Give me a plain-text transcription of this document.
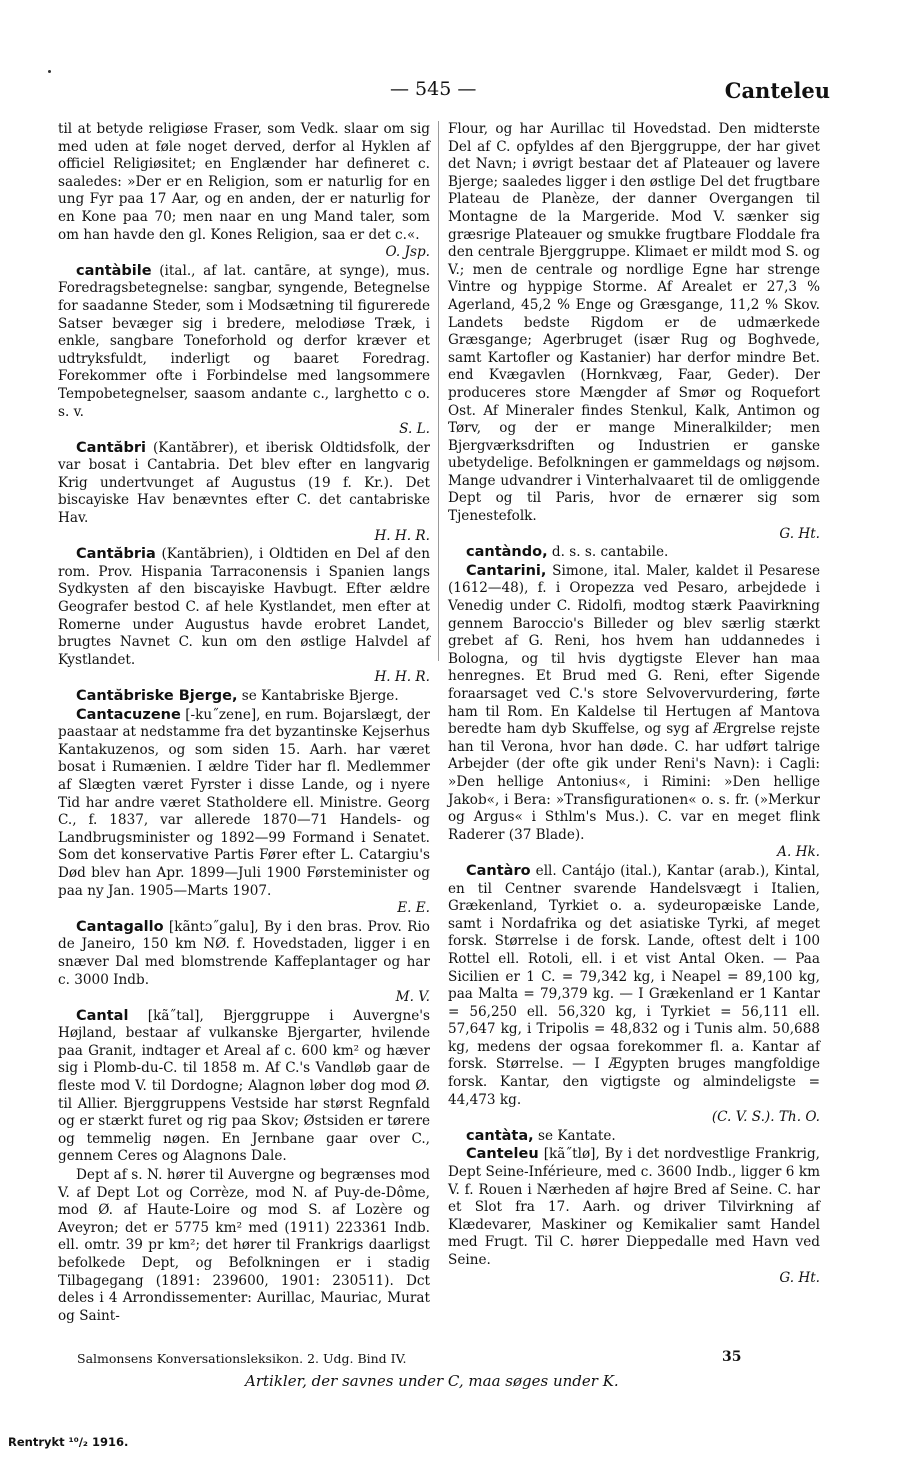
— 545 —	Canteleu
til at betyde religiøse Fraser, som Vedk. slaar om sig med uden at føle noget derved, derfor al Hyklen af officiel Religiøsitet; en Englænder har defineret c. saaledes: »Der er en Religion, som er naturlig for en ung Fyr paa 17 Aar, og en anden, der er naturlig for en Kone paa 70; men naar en ung Mand taler, som om han havde den gl. Kones Religion, saa er det c.«.
O. Jsp.
cantàbile (ital., af lat. cantāre, at synge), mus. Foredragsbetegnelse: sangbar, syngende, Betegnelse for saadanne Steder, som i Modsætning til figurerede Satser bevæger sig i bredere, melodiøse Træk, i enkle, sangbare Toneforhold og derfor kræver et udtryksfuldt, inderligt og baaret Foredrag. Forekommer ofte i Forbindelse med langsommere Tempobetegnelser, saasom andante c., larghetto c o. s. v.
S. L.
Cantăbri (Kantăbrer), et iberisk Oldtidsfolk, der var bosat i Cantabria. Det blev efter en langvarig Krig undertvunget af Augustus (19 f. Kr.). Det biscayiske Hav benævntes efter C. det cantabriske Hav.
H. H. R.
Cantăbria (Kantăbrien), i Oldtiden en Del af den rom. Prov. Hispania Tarraconensis i Spanien langs Sydkysten af den biscayiske Havbugt. Efter ældre Geografer bestod C. af hele Kystlandet, men efter at Romerne under Augustus havde erobret Landet, brugtes Navnet C. kun om den østlige Halvdel af Kystlandet.
H. H. R.
Cantăbriske Bjerge, se Kantabriske Bjerge.
Cantacuzene [-ku˝zene], en rum. Bojarslægt, der paastaar at nedstamme fra det byzantinske Kejserhus Kantakuzenos, og som siden 15. Aarh. har været bosat i Rumænien. I ældre Tider har fl. Medlemmer af Slægten været Fyrster i disse Lande, og i nyere Tid har andre været Statholdere ell. Ministre. Georg C., f. 1837, var allerede 1870—71 Handels- og Landbrugsminister og 1892—99 Formand i Senatet. Som det konservative Partis Fører efter L. Catargiu's Død blev han Apr. 1899—Juli 1900 Førsteminister og paa ny Jan. 1905—Marts 1907.
E. E.
Cantagallo [kãntɔ˝galu], By i den bras. Prov. Rio de Janeiro, 150 km NØ. f. Hovedstaden, ligger i en snæver Dal med blomstrende Kaffeplantager og har c. 3000 Indb.
M. V.
Cantal [kã˝tal], Bjerggruppe i Auvergne's Højland, bestaar af vulkanske Bjergarter, hvilende paa Granit, indtager et Areal af c. 600 km² og hæver sig i Plomb-du-C. til 1858 m. Af C.'s Vandløb gaar de fleste mod V. til Dordogne; Alagnon løber dog mod Ø. til Allier. Bjerggruppens Vestside har størst Regnfald og er stærkt furet og rig paa Skov; Østsiden er tørere og temmelig nøgen. En Jernbane gaar over C., gennem Ceres og Alagnons Dale.
Dept af s. N. hører til Auvergne og begrænses mod V. af Dept Lot og Corrèze, mod N. af Puy-de-Dôme, mod Ø. af Haute-Loire og mod S. af Lozère og Aveyron; det er 5775 km² med (1911) 223361 Indb. ell. omtr. 39 pr km²; det hører til Frankrigs daarligst befolkede Dept, og Befolkningen er i stadig Tilbagegang (1891: 239600, 1901: 230511). Dct deles i 4 Arrondissementer: Aurillac, Mauriac, Murat og Saint-
Flour, og har Aurillac til Hovedstad. Den midterste Del af C. opfyldes af den Bjerggruppe, der har givet det Navn; i øvrigt bestaar det af Plateauer og lavere Bjerge; saaledes ligger i den østlige Del det frugtbare Plateau de Planèze, der danner Overgangen til Montagne de la Margeride. Mod V. sænker sig græsrige Plateauer og smukke frugtbare Floddale fra den centrale Bjerggruppe. Klimaet er mildt mod S. og V.; men de centrale og nordlige Egne har strenge Vintre og hyppige Storme. Af Arealet er 27,3 % Agerland, 45,2 % Enge og Græsgange, 11,2 % Skov. Landets bedste Rigdom er de udmærkede Græsgange; Agerbruget (især Rug og Boghvede, samt Kartofler og Kastanier) har derfor mindre Bet. end Kvægavlen (Hornkvæg, Faar, Geder). Der produceres store Mængder af Smør og Roquefort Ost. Af Mineraler findes Stenkul, Kalk, Antimon og Tørv, og der er mange Mineralkilder; men Bjergværksdriften og Industrien er ganske ubetydelige. Befolkningen er gammeldags og nøjsom. Mange udvandrer i Vinterhalvaaret til de omliggende Dept og til Paris, hvor de ernærer sig som Tjenestefolk.
G. Ht.
cantàndo, d. s. s. cantabile.
Cantarini, Simone, ital. Maler, kaldet il Pesarese (1612—48), f. i Oropezza ved Pesaro, arbejdede i Venedig under C. Ridolfi, modtog stærk Paavirkning gennem Baroccio's Billeder og blev særlig stærkt grebet af G. Reni, hos hvem han uddannedes i Bologna, og til hvis dygtigste Elever han maa henregnes. Et Brud med G. Reni, efter Sigende foraarsaget ved C.'s store Selvovervurdering, førte ham til Rom. En Kaldelse til Hertugen af Mantova beredte ham dyb Skuffelse, og syg af Ærgrelse rejste han til Verona, hvor han døde. C. har udført talrige Arbejder (der ofte gik under Reni's Navn): i Cagli: »Den hellige Antonius«, i Rimini: »Den hellige Jakob«, i Bera: »Transfigurationen« o. s. fr. (»Merkur og Argus« i Sthlm's Mus.). C. var en meget flink Raderer (37 Blade).
A. Hk.
Cantàro ell. Cantájo (ital.), Kantar (arab.), Kintal, en til Centner svarende Handelsvægt i Italien, Grækenland, Tyrkiet o. a. sydeuropæiske Lande, samt i Nordafrika og det asiatiske Tyrki, af meget forsk. Størrelse i de forsk. Lande, oftest delt i 100 Rottel ell. Rotoli, ell. i et vist Antal Oken. — Paa Sicilien er 1 C. = 79,342 kg, i Neapel = 89,100 kg, paa Malta = 79,379 kg. — I Grækenland er 1 Kantar = 56,250 ell. 56,320 kg, i Tyrkiet = 56,111 ell. 57,647 kg, i Tripolis = 48,832 og i Tunis alm. 50,688 kg, medens der ogsaa forekommer fl. a. Kantar af forsk. Størrelse. — I Ægypten bruges mangfoldige forsk. Kantar, den vigtigste og almindeligste = 44,473 kg.
(C. V. S.). Th. O.
cantàta, se Kantate.
Canteleu [kã˝tlø], By i det nordvestlige Frankrig, Dept Seine-Inférieure, med c. 3600 Indb., ligger 6 km V. f. Rouen i Nærheden af højre Bred af Seine. C. har et Slot fra 17. Aarh. og driver Tilvirkning af Klædevarer, Maskiner og Kemikalier samt Handel med Frugt. Til C. hører Dieppedalle med Havn ved Seine.
G. Ht.
Salmonsens Konversationsleksikon. 2. Udg. Bind IV.	35
Artikler, der savnes under C, maa søges under K.
Rentrykt ¹⁰/₂ 1916.
